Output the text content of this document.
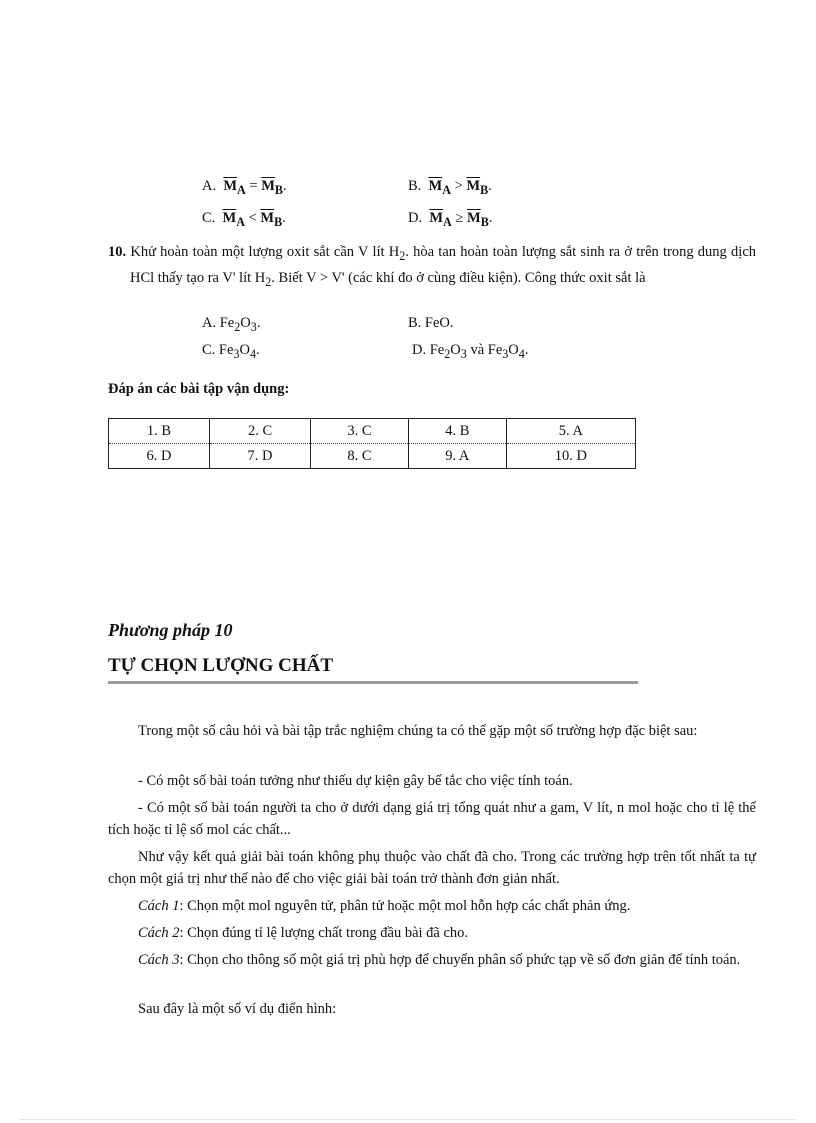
A. $\overline{M}_A = \overline{M}_B$.	B. $\overline{M}_A > \overline{M}_B$.
C. $\overline{M}_A < \overline{M}_B$.	D. $\overline{M}_A \ge \overline{M}_B$.
10. Khử hoàn toàn một lượng oxit sắt cần V lít $H_2$. hòa tan hoàn toàn lượng sắt sinh ra ở trên trong dung dịch HCl thấy tạo ra V' lít $H_2$. Biết V > V' (các khí đo ở cùng điều kiện). Công thức oxit sắt là
A. $Fe_2O_3$.	B. FeO.
C. $Fe_3O_4$.	D. $Fe_2O_3$ và $Fe_3O_4$.
Đáp án các bài tập vận dụng:
1. B	2. C	3. C	4. B	5. A
6. D	7. D	8. C	9. A	10. D
Phương pháp 10
TỰ CHỌN LƯỢNG CHẤT
Trong một số câu hỏi và bài tập trắc nghiệm chúng ta có thể gặp một số trường hợp đặc biệt sau:
- Có một số bài toán tưởng như thiếu dự kiện gây bế tắc cho việc tính toán.
- Có một số bài toán người ta cho ở dưới dạng giá trị tổng quát như a gam, V lít, n mol hoặc cho tỉ lệ thể tích hoặc tỉ lệ số mol các chất...
Như vậy kết quả giải bài toán không phụ thuộc vào chất đã cho. Trong các trường hợp trên tốt nhất ta tự chọn một giá trị như thế nào để cho việc giải bài toán trở thành đơn giản nhất.
Cách 1: Chọn một mol nguyên tử, phân tử hoặc một mol hỗn hợp các chất phản ứng.
Cách 2: Chọn đúng tỉ lệ lượng chất trong đầu bài đã cho.
Cách 3: Chọn cho thông số một giá trị phù hợp để chuyển phân số phức tạp về số đơn giản để tính toán.
Sau đây là một số ví dụ điển hình:
